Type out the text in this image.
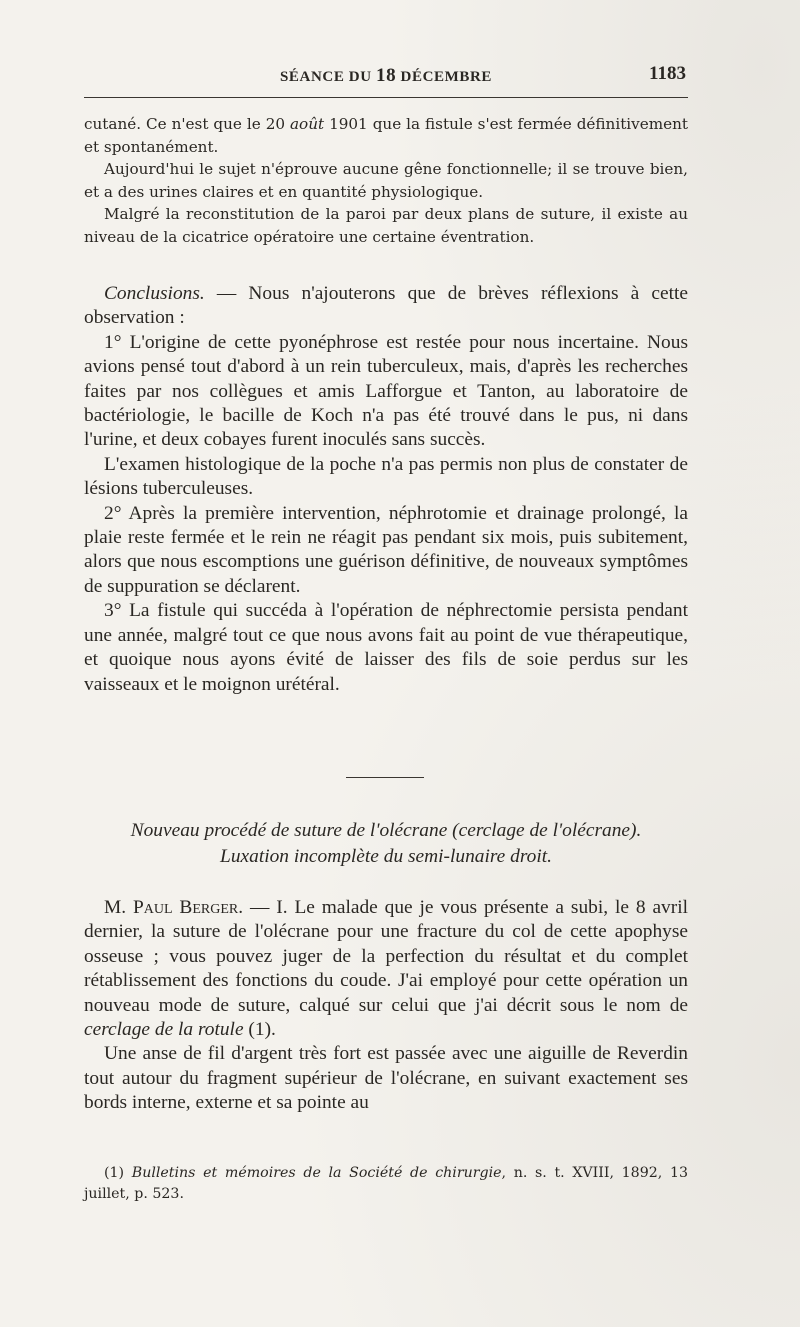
SÉANCE DU 18 DÉCEMBRE	1183

cutané. Ce n'est que le 20 août 1901 que la fistule s'est fermée définitivement et spontanément.

Aujourd'hui le sujet n'éprouve aucune gêne fonctionnelle; il se trouve bien, et a des urines claires et en quantité physiologique.

Malgré la reconstitution de la paroi par deux plans de suture, il existe au niveau de la cicatrice opératoire une certaine éventration.

Conclusions. — Nous n'ajouterons que de brèves réflexions à cette observation :

1° L'origine de cette pyonéphrose est restée pour nous incertaine. Nous avions pensé tout d'abord à un rein tuberculeux, mais, d'après les recherches faites par nos collègues et amis Lafforgue et Tanton, au laboratoire de bactériologie, le bacille de Koch n'a pas été trouvé dans le pus, ni dans l'urine, et deux cobayes furent inoculés sans succès.

L'examen histologique de la poche n'a pas permis non plus de constater de lésions tuberculeuses.

2° Après la première intervention, néphrotomie et drainage prolongé, la plaie reste fermée et le rein ne réagit pas pendant six mois, puis subitement, alors que nous escomptions une guérison définitive, de nouveaux symptômes de suppuration se déclarent.

3° La fistule qui succéda à l'opération de néphrectomie persista pendant une année, malgré tout ce que nous avons fait au point de vue thérapeutique, et quoique nous ayons évité de laisser des fils de soie perdus sur les vaisseaux et le moignon urétéral.

Nouveau procédé de suture de l'olécrane (cerclage de l'olécrane).
Luxation incomplète du semi-lunaire droit.

M. Paul Berger. — I. Le malade que je vous présente a subi, le 8 avril dernier, la suture de l'olécrane pour une fracture du col de cette apophyse osseuse ; vous pouvez juger de la perfection du résultat et du complet rétablissement des fonctions du coude. J'ai employé pour cette opération un nouveau mode de suture, calqué sur celui que j'ai décrit sous le nom de cerclage de la rotule (1).

Une anse de fil d'argent très fort est passée avec une aiguille de Reverdin tout autour du fragment supérieur de l'olécrane, en suivant exactement ses bords interne, externe et sa pointe au

(1) Bulletins et mémoires de la Société de chirurgie, n. s. t. XVIII, 1892, 13 juillet, p. 523.
